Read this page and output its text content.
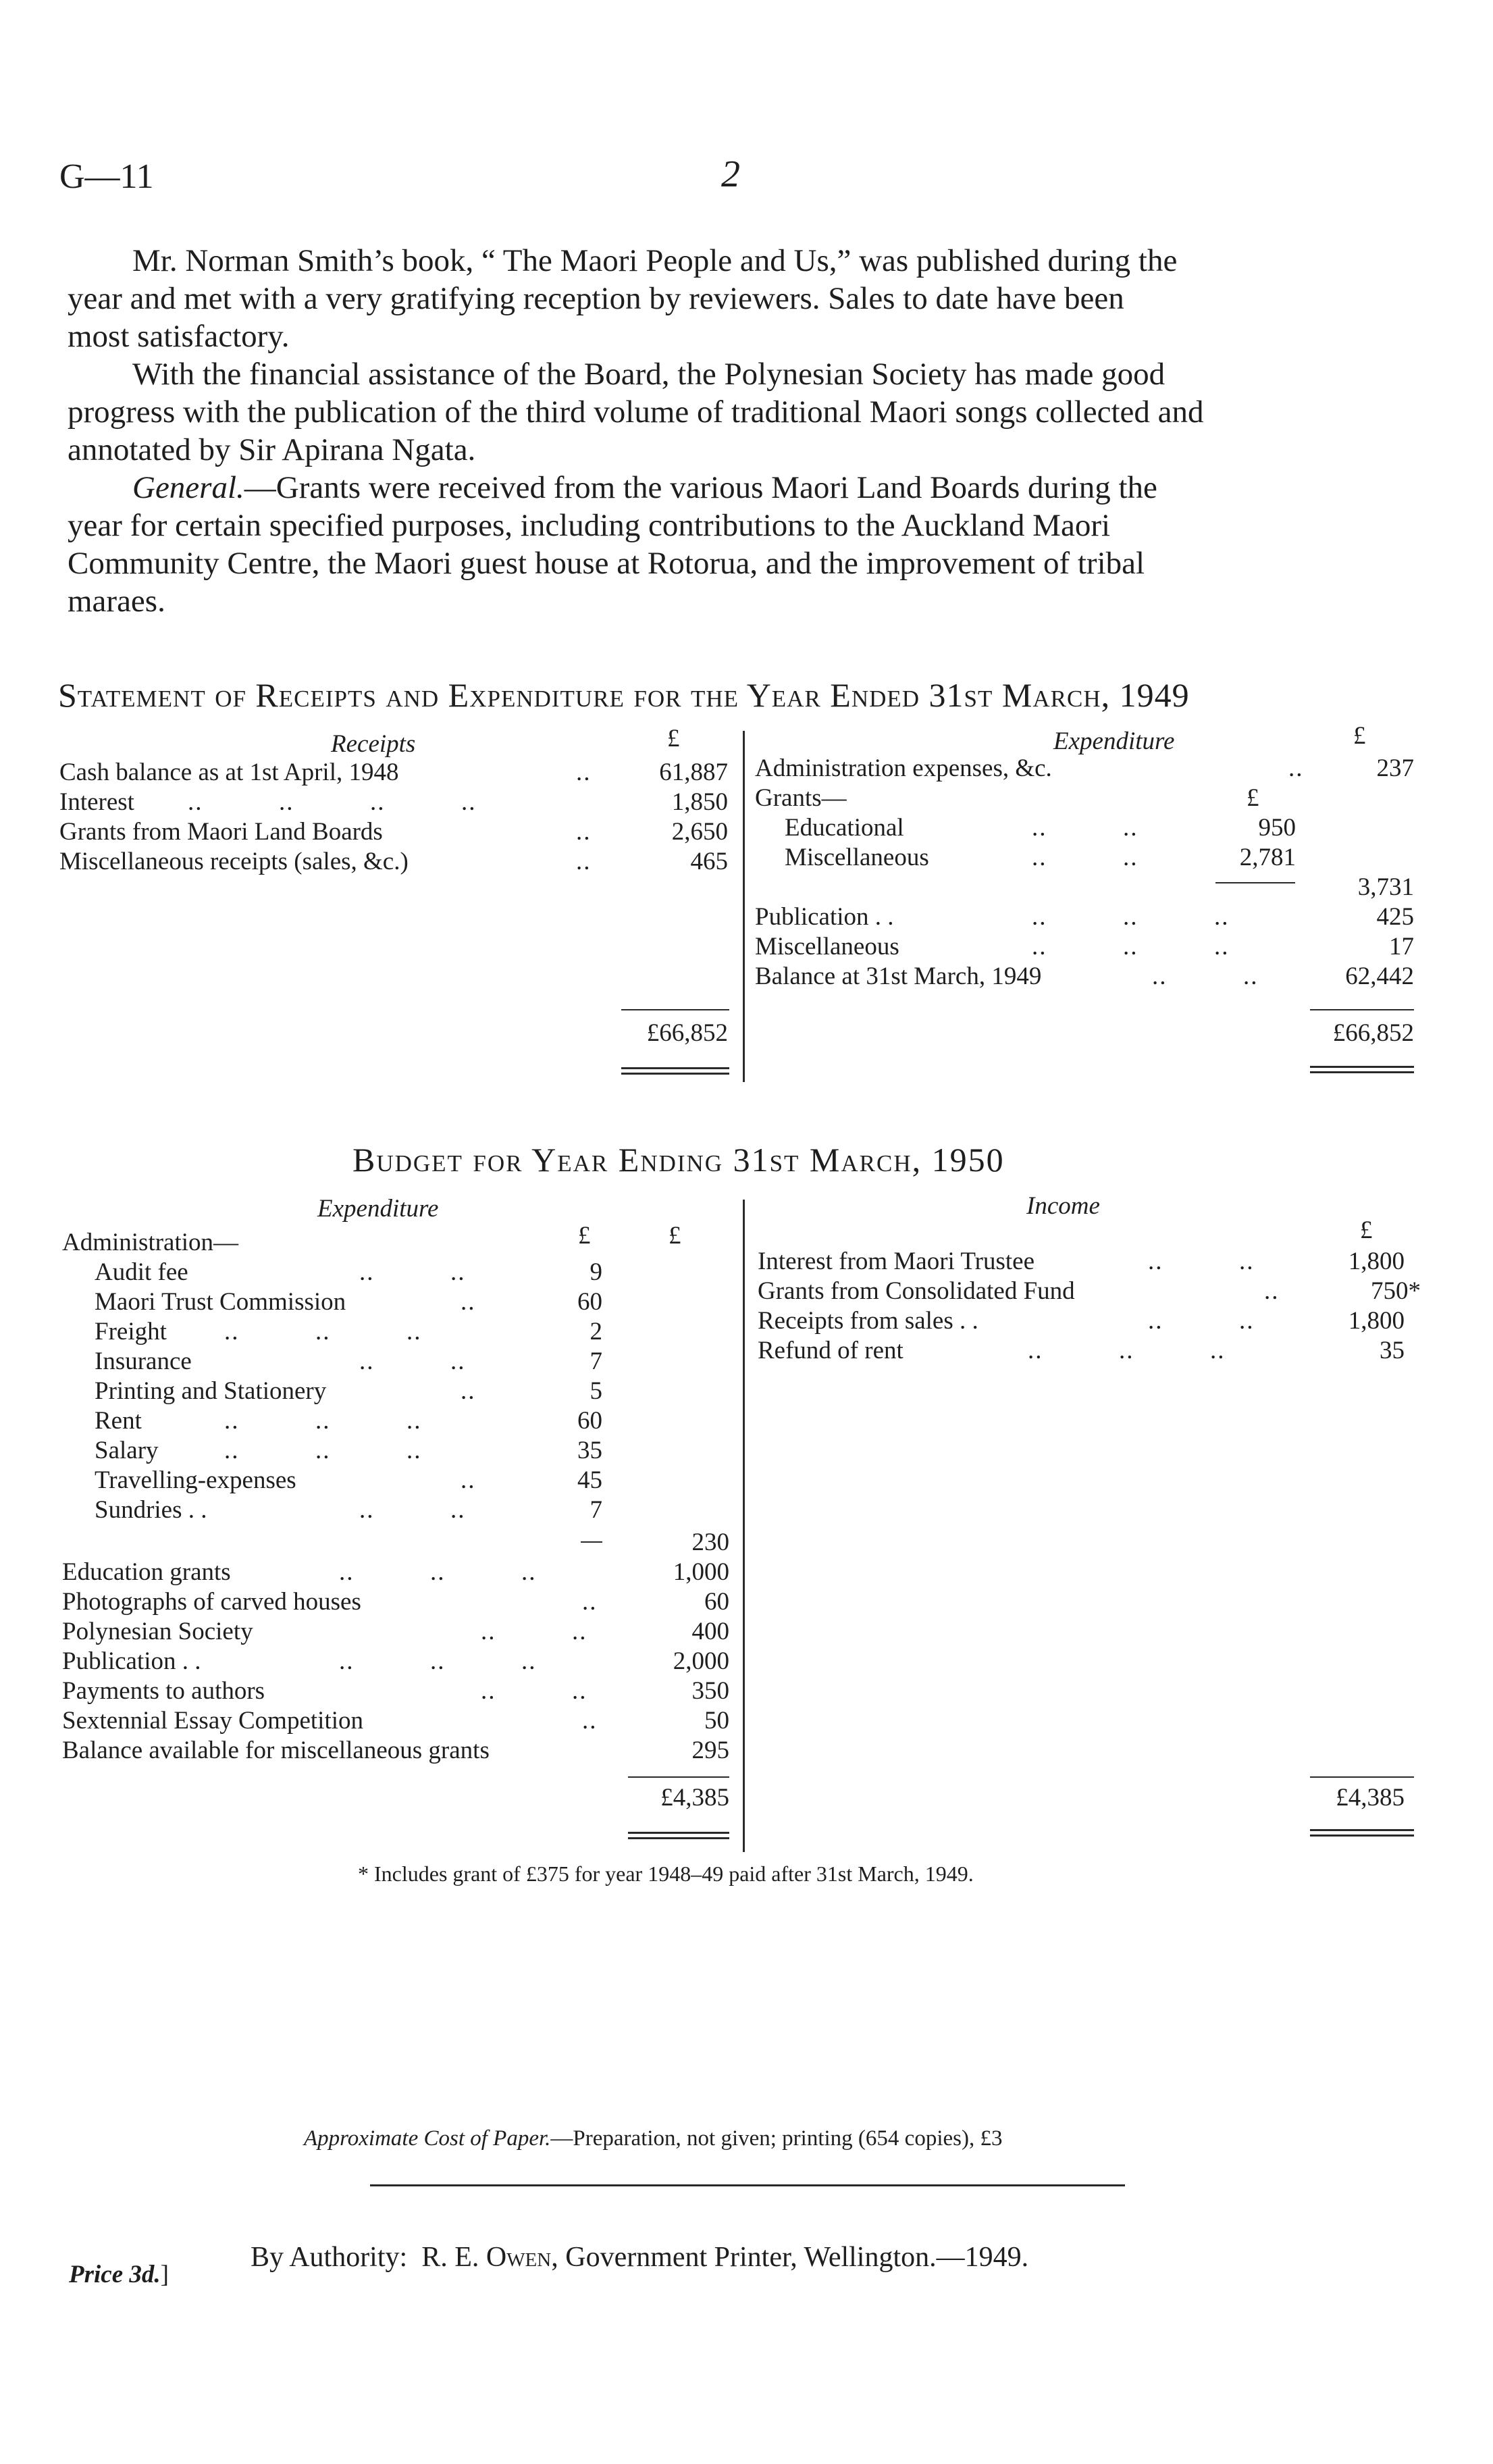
G—11	2
Mr. Norman Smith’s book, “ The Maori People and Us,” was published during the
year and met with a very gratifying reception by reviewers. Sales to date have been
most satisfactory.
With the financial assistance of the Board, the Polynesian Society has made good
progress with the publication of the third volume of traditional Maori songs collected and
annotated by Sir Apirana Ngata.
General.—Grants were received from the various Maori Land Boards during the
year for certain specified purposes, including contributions to the Auckland Maori
Community Centre, the Maori guest house at Rotorua, and the improvement of tribal
maraes.
Statement of Receipts and Expenditure for the Year Ended 31st March, 1949
Receipts	£	Expenditure	£
Cash balance as at 1st April, 1948	..	61,887
Interest ..          ..          ..          ..	1,850
Grants from Maori Land Boards	..	2,650
Miscellaneous receipts (sales, &c.)	..	465
£66,852
Administration expenses, &c.	..	237
Grants—	£
Educational	..          ..	950
Miscellaneous	..          ..	2,781
3,731
Publication . .	..          ..          ..	425
Miscellaneous	..          ..          ..	17
Balance at 31st March, 1949	..          ..	62,442
£66,852
Budget for Year Ending 31st March, 1950
Expenditure	Income
£	£	£
Administration—
Audit fee	..          ..	9
Maori Trust Commission	..	60
Freight ..          ..          ..	2
Insurance	..          ..	7
Printing and Stationery	..	5
Rent	..          ..          ..	60
Salary	..          ..          ..	35
Travelling-expenses	..	45
Sundries . .	..          ..	7
230
Education grants	..          ..          ..	1,000
Photographs of carved houses	..	60
Polynesian Society	..          ..	400
Publication . .	..          ..          ..	2,000
Payments to authors	..          ..	350
Sextennial Essay Competition	..	50
Balance available for miscellaneous grants	295
£4,385
Interest from Maori Trustee	..          ..	1,800
Grants from Consolidated Fund	..	750*
Receipts from sales . .	..          ..	1,800
Refund of rent	..          ..          ..	35
£4,385
* Includes grant of £375 for year 1948–49 paid after 31st March, 1949.
Approximate Cost of Paper.—Preparation, not given; printing (654 copies), £3

By Authority:  R. E. Owen, Government Printer, Wellington.—1949.

Price 3d.]
